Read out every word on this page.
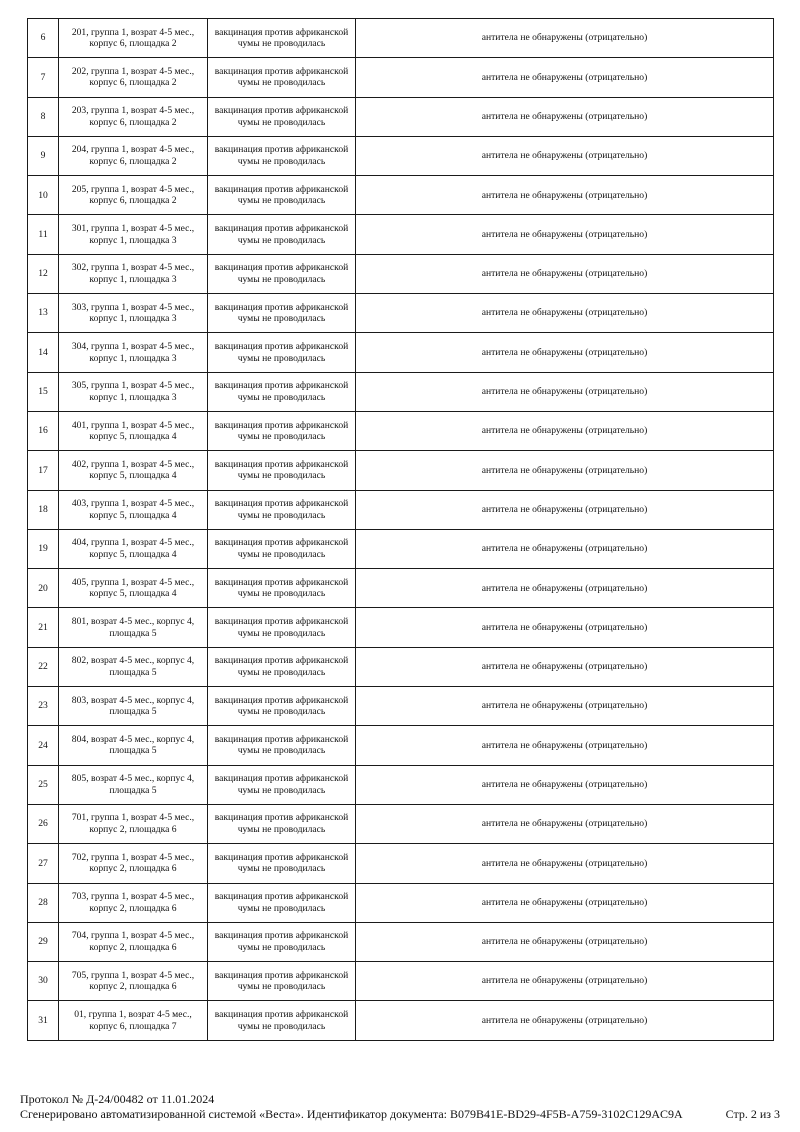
6	201, группа 1, возрат 4-5 мес., корпус 6, площадка 2	вакцинация против африканской чумы не проводилась	антитела не обнаружены (отрицательно)

7	202, группа 1, возрат 4-5 мес., корпус 6, площадка 2	вакцинация против африканской чумы не проводилась	антитела не обнаружены (отрицательно)

8	203, группа 1, возрат 4-5 мес., корпус 6, площадка 2	вакцинация против африканской чумы не проводилась	антитела не обнаружены (отрицательно)

9	204, группа 1, возрат 4-5 мес., корпус 6, площадка 2	вакцинация против африканской чумы не проводилась	антитела не обнаружены (отрицательно)

10	205, группа 1, возрат 4-5 мес., корпус 6, площадка 2	вакцинация против африканской чумы не проводилась	антитела не обнаружены (отрицательно)

11	301, группа 1, возрат 4-5 мес., корпус 1, площадка 3	вакцинация против африканской чумы не проводилась	антитела не обнаружены (отрицательно)

12	302, группа 1, возрат 4-5 мес., корпус 1, площадка 3	вакцинация против африканской чумы не проводилась	антитела не обнаружены (отрицательно)

13	303, группа 1, возрат 4-5 мес., корпус 1, площадка 3	вакцинация против африканской чумы не проводилась	антитела не обнаружены (отрицательно)

14	304, группа 1, возрат 4-5 мес., корпус 1, площадка 3	вакцинация против африканской чумы не проводилась	антитела не обнаружены (отрицательно)

15	305, группа 1, возрат 4-5 мес., корпус 1, площадка 3	вакцинация против африканской чумы не проводилась	антитела не обнаружены (отрицательно)

16	401, группа 1, возрат 4-5 мес., корпус 5, площадка 4	вакцинация против африканской чумы не проводилась	антитела не обнаружены (отрицательно)

17	402, группа 1, возрат 4-5 мес., корпус 5, площадка 4	вакцинация против африканской чумы не проводилась	антитела не обнаружены (отрицательно)

18	403, группа 1, возрат 4-5 мес., корпус 5, площадка 4	вакцинация против африканской чумы не проводилась	антитела не обнаружены (отрицательно)

19	404, группа 1, возрат 4-5 мес., корпус 5, площадка 4	вакцинация против африканской чумы не проводилась	антитела не обнаружены (отрицательно)

20	405, группа 1, возрат 4-5 мес., корпус 5, площадка 4	вакцинация против африканской чумы не проводилась	антитела не обнаружены (отрицательно)

21	801, возрат 4-5 мес., корпус 4, площадка 5	вакцинация против африканской чумы не проводилась	антитела не обнаружены (отрицательно)

22	802, возрат 4-5 мес., корпус 4, площадка 5	вакцинация против африканской чумы не проводилась	антитела не обнаружены (отрицательно)

23	803, возрат 4-5 мес., корпус 4, площадка 5	вакцинация против африканской чумы не проводилась	антитела не обнаружены (отрицательно)

24	804, возрат 4-5 мес., корпус 4, площадка 5	вакцинация против африканской чумы не проводилась	антитела не обнаружены (отрицательно)

25	805, возрат 4-5 мес., корпус 4, площадка 5	вакцинация против африканской чумы не проводилась	антитела не обнаружены (отрицательно)

26	701, группа 1, возрат 4-5 мес., корпус 2, площадка 6	вакцинация против африканской чумы не проводилась	антитела не обнаружены (отрицательно)

27	702, группа 1, возрат 4-5 мес., корпус 2, площадка 6	вакцинация против африканской чумы не проводилась	антитела не обнаружены (отрицательно)

28	703, группа 1, возрат 4-5 мес., корпус 2, площадка 6	вакцинация против африканской чумы не проводилась	антитела не обнаружены (отрицательно)

29	704, группа 1, возрат 4-5 мес., корпус 2, площадка 6	вакцинация против африканской чумы не проводилась	антитела не обнаружены (отрицательно)

30	705, группа 1, возрат 4-5 мес., корпус 2, площадка 6	вакцинация против африканской чумы не проводилась	антитела не обнаружены (отрицательно)

31	01, группа 1, возрат 4-5 мес., корпус 6, площадка 7	вакцинация против африканской чумы не проводилась	антитела не обнаружены (отрицательно)
Протокол № Д-24/00482 от 11.01.2024
Сгенерировано автоматизированной системой «Веста». Идентификатор документа: B079B41E-BD29-4F5B-A759-3102C129AC9A	Стр. 2 из 3
